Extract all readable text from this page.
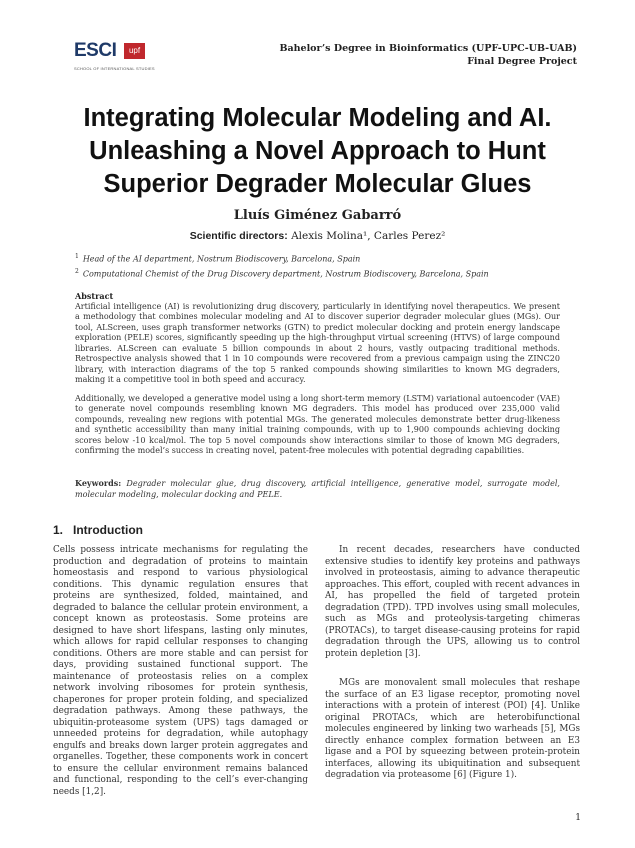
ESCI	upf
SCHOOL OF INTERNATIONAL STUDIES
Bahelor’s Degree in Bioinformatics (UPF-UPC-UB-UAB)
Final Degree Project
Integrating Molecular Modeling and AI. Unleashing a Novel Approach to Hunt Superior Degrader Molecular Glues
Lluís Giménez Gabarró
Scientific directors: Alexis Molina¹, Carles Perez²
$^1$ Head of the AI department, Nostrum Biodiscovery, Barcelona, Spain
$^2$ Computational Chemist of the Drug Discovery department, Nostrum Biodiscovery, Barcelona, Spain
Abstract

Artificial intelligence (AI) is revolutionizing drug discovery, particularly in identifying novel therapeutics. We present a methodology that combines molecular modeling and AI to discover superior degrader molecular glues (MGs). Our tool, ALScreen, uses graph transformer networks (GTN) to predict molecular docking and protein energy landscape exploration (PELE) scores, significantly speeding up the high-throughput virtual screening (HTVS) of large compound libraries. ALScreen can evaluate 5 billion compounds in about 2 hours, vastly outpacing traditional methods. Retrospective analysis showed that 1 in 10 compounds were recovered from a previous campaign using the ZINC20 library, with interaction diagrams of the top 5 ranked compounds showing similarities to known MG degraders, making it a competitive tool in both speed and accuracy.

Additionally, we developed a generative model using a long short-term memory (LSTM) variational autoencoder (VAE) to generate novel compounds resembling known MG degraders. This model has produced over 235,000 valid compounds, revealing new regions with potential MGs. The generated molecules demonstrate better drug-likeness and synthetic accessibility than many initial training compounds, with up to 1,900 compounds achieving docking scores below -10 kcal/mol. The top 5 novel compounds show interactions similar to those of known MG degraders, confirming the model’s success in creating novel, patent-free molecules with potential degrading capabilities.

Keywords: Degrader molecular glue, drug discovery, artificial intelligence, generative model, surrogate model, molecular modeling, molecular docking and PELE.
1. Introduction

Cells possess intricate mechanisms for regulating the production and degradation of proteins to maintain homeostasis and respond to various physiological conditions. This dynamic regulation ensures that proteins are synthesized, folded, maintained, and degraded to balance the cellular protein environment, a concept known as proteostasis. Some proteins are designed to have short lifespans, lasting only minutes, which allows for rapid cellular responses to changing conditions. Others are more stable and can persist for days, providing sustained functional support. The maintenance of proteostasis relies on a complex network involving ribosomes for protein synthesis, chaperones for proper protein folding, and specialized degradation pathways. Among these pathways, the ubiquitin-proteasome system (UPS) tags damaged or unneeded proteins for degradation, while autophagy engulfs and breaks down larger protein aggregates and organelles. Together, these components work in concert to ensure the cellular environment remains balanced and functional, responding to the cell’s ever-changing needs [1,2].

In recent decades, researchers have conducted extensive studies to identify key proteins and pathways involved in proteostasis, aiming to advance therapeutic approaches. This effort, coupled with recent advances in AI, has propelled the field of targeted protein degradation (TPD). TPD involves using small molecules, such as MGs and proteolysis-targeting chimeras (PROTACs), to target disease-causing proteins for rapid degradation through the UPS, allowing us to control protein depletion [3].

MGs are monovalent small molecules that reshape the surface of an E3 ligase receptor, promoting novel interactions with a protein of interest (POI) [4]. Unlike original PROTACs, which are heterobifunctional molecules engineered by linking two warheads [5], MGs directly enhance complex formation between an E3 ligase and a POI by squeezing between protein-protein interfaces, allowing its ubiquitination and subsequent degradation via proteasome [6] (Figure 1).

1
